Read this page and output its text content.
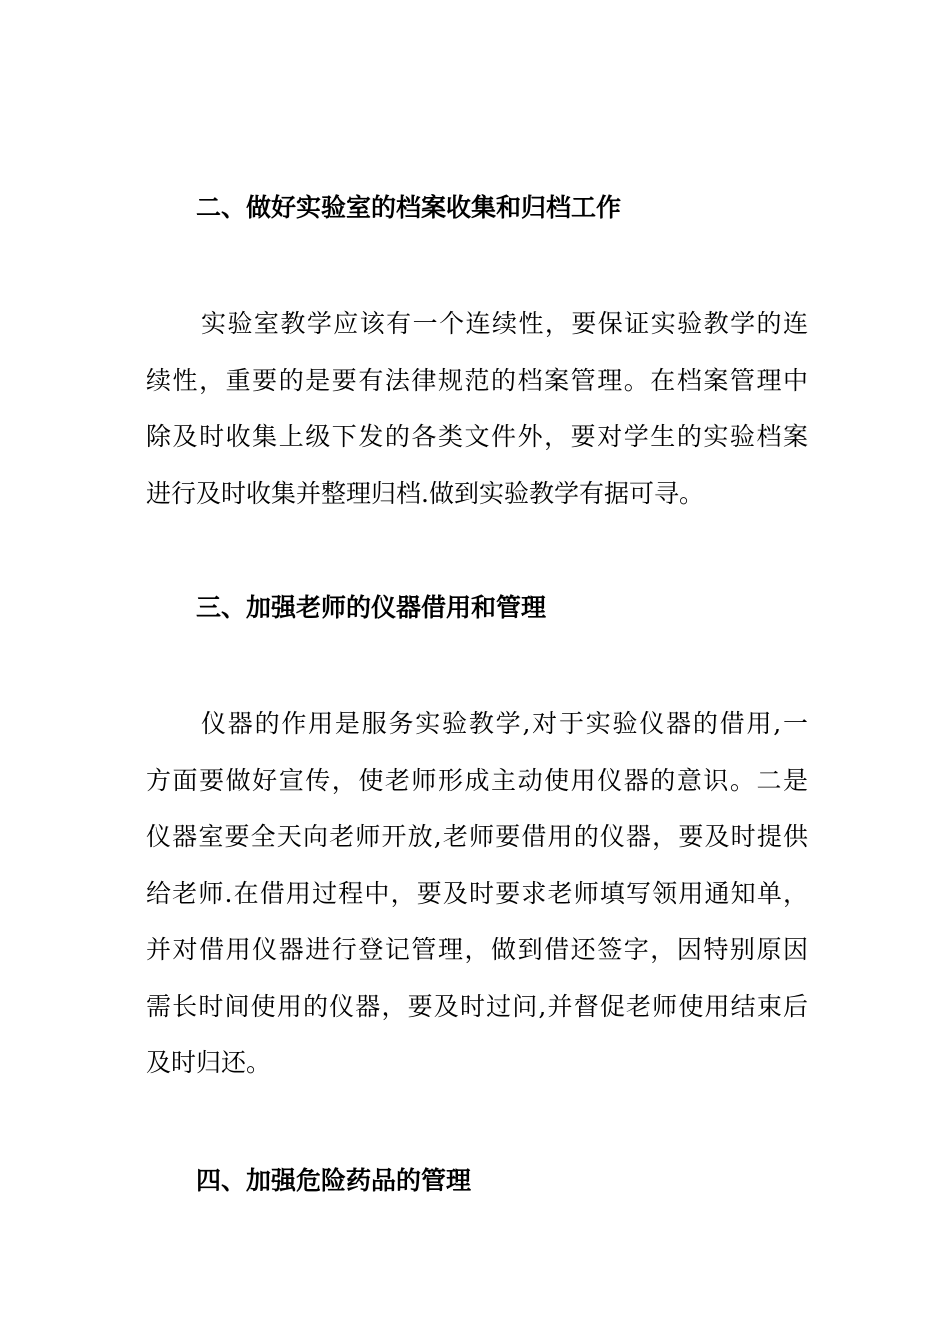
二、做好实验室的档案收集和归档工作
实验室教学应该有一个连续性，要保证实验教学的连
续性，重要的是要有法律规范的档案管理。在档案管理中
除及时收集上级下发的各类文件外，要对学生的实验档案
进行及时收集并整理归档.做到实验教学有据可寻。
三、加强老师的仪器借用和管理
仪器的作用是服务实验教学,对于实验仪器的借用,一
方面要做好宣传，使老师形成主动使用仪器的意识。二是
仪器室要全天向老师开放,老师要借用的仪器，要及时提供
给老师.在借用过程中，要及时要求老师填写领用通知单，
并对借用仪器进行登记管理，做到借还签字，因特别原因
需长时间使用的仪器，要及时过问,并督促老师使用结束后
及时归还。
四、加强危险药品的管理
